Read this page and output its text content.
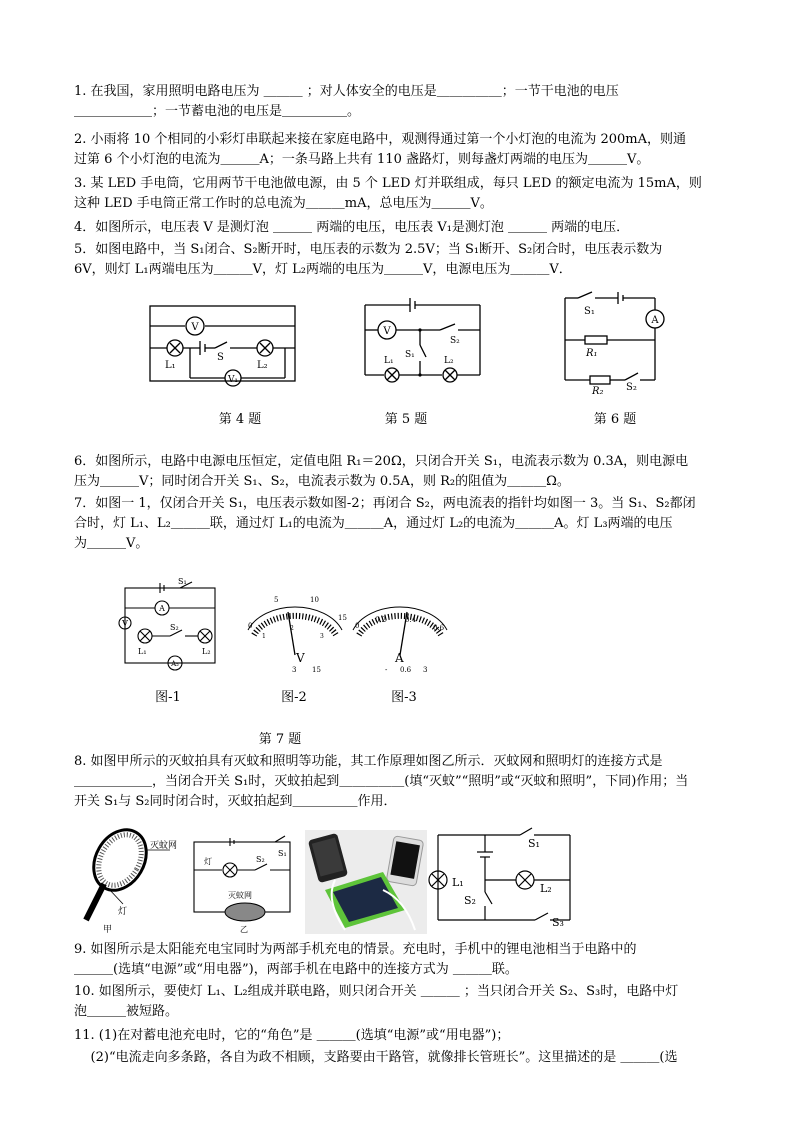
1. 在我国，家用照明电路电压为 ＿＿＿ ；对人体安全的电压是＿＿＿＿＿；一节干电池的电压
＿＿＿＿＿＿；一节蓄电池的电压是＿＿＿＿＿。
2. 小雨将 10 个相同的小彩灯串联起来接在家庭电路中，观测得通过第一个小灯泡的电流为 200mA，则通
过第 6 个小灯泡的电流为＿＿＿A；一条马路上共有 110 盏路灯，则每盏灯两端的电压为＿＿＿V。
3. 某 LED 手电筒，它用两节干电池做电源，由 5 个 LED 灯并联组成，每只 LED 的额定电流为 15mA，则
这种 LED 手电筒正常工作时的总电流为＿＿＿mA，总电压为＿＿＿V。
4．如图所示，电压表 V 是测灯泡 ＿＿＿ 两端的电压，电压表 V₁是测灯泡 ＿＿＿ 两端的电压．
5．如图电路中，当 S₁闭合、S₂断开时，电压表的示数为 2.5V；当 S₁断开、S₂闭合时，电压表示数为
6V，则灯 L₁两端电压为＿＿＿V，灯 L₂两端的电压为＿＿＿V，电源电压为＿＿＿V．
V
V₁
L₁	L₂
S
第 4 题
V
S₂
S₁
L₁	L₂
第 5 题
A
S₁
R₁
R₂ S₂
第 6 题
6．如图所示，电路中电源电压恒定，定值电阻 R₁＝20Ω，只闭合开关 S₁，电流表示数为 0.3A，则电源电
压为＿＿＿V；同时闭合开关 S₁、S₂，电流表示数为 0.5A，则 R₂的阻值为＿＿＿Ω。
7．如图一 1，仅闭合开关 S₁，电压表示数如图-2；再闭合 S₂，两电流表的指针均如图一 3。当 S₁、S₂都闭
合时，灯 L₁、L₂＿＿＿联，通过灯 L₁的电流为＿＿＿A，通过灯 L₂的电流为＿＿＿A。灯 L₃两端的电压
为＿＿＿V。
A
V
A₂
S₁
S₂
L₁	L₂
0
5	10
15
1
2
3
V
3 15
0
0.2	0.4
0.6
A
- 0.6 3
图-1	图-2	图-3
第 7 题
8. 如图甲所示的灭蚊拍具有灭蚊和照明等功能，其工作原理如图乙所示．灭蚊网和照明灯的连接方式是
＿＿＿＿＿＿，当闭合开关 S₁时，灭蚊拍起到＿＿＿＿＿(填“灭蚊”“照明”或“灭蚊和照明”，下同)作用；当
开关 S₁与 S₂同时闭合时，灭蚊拍起到＿＿＿＿＿作用．
灭蚊网
灯
甲
灯	S₂
S₁
灭蚊网
乙
L₁	L₂
S₁
S₂
S₃
9. 如图所示是太阳能充电宝同时为两部手机充电的情景。充电时，手机中的锂电池相当于电路中的
＿＿＿(选填“电源”或“用电器”)，两部手机在电路中的连接方式为 ＿＿＿联。
10. 如图所示，要使灯 L₁、L₂组成并联电路，则只闭合开关 ＿＿＿ ；当只闭合开关 S₂、S₃时，电路中灯
泡＿＿＿被短路。
11. (1)在对蓄电池充电时，它的“角色”是 ＿＿＿(选填“电源”或“用电器”)；
(2)“电流走向多条路，各自为政不相顾，支路要由干路管，就像排长管班长”。这里描述的是 ＿＿＿(选
